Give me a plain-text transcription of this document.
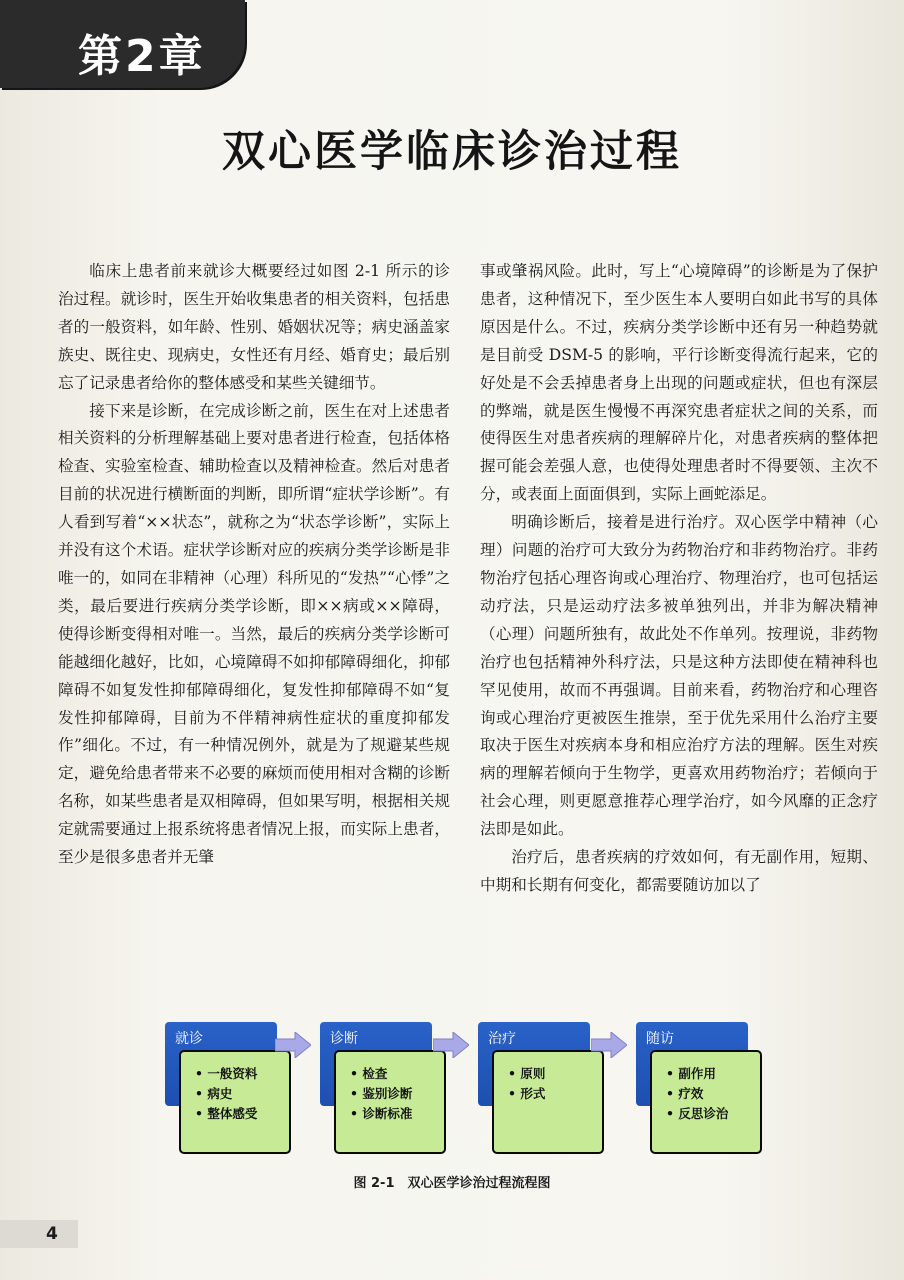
第2章
双心医学临床诊治过程

临床上患者前来就诊大概要经过如图 2-1 所示的诊治过程。就诊时，医生开始收集患者的相关资料，包括患者的一般资料，如年龄、性别、婚姻状况等；病史涵盖家族史、既往史、现病史，女性还有月经、婚育史；最后别忘了记录患者给你的整体感受和某些关键细节。

接下来是诊断，在完成诊断之前，医生在对上述患者相关资料的分析理解基础上要对患者进行检查，包括体格检查、实验室检查、辅助检查以及精神检查。然后对患者目前的状况进行横断面的判断，即所谓“症状学诊断”。有人看到写着“××状态”，就称之为“状态学诊断”，实际上并没有这个术语。症状学诊断对应的疾病分类学诊断是非唯一的，如同在非精神（心理）科所见的“发热”“心悸”之类，最后要进行疾病分类学诊断，即××病或××障碍，使得诊断变得相对唯一。当然，最后的疾病分类学诊断可能越细化越好，比如，心境障碍不如抑郁障碍细化，抑郁障碍不如复发性抑郁障碍细化，复发性抑郁障碍不如“复发性抑郁障碍，目前为不伴精神病性症状的重度抑郁发作”细化。不过，有一种情况例外，就是为了规避某些规定，避免给患者带来不必要的麻烦而使用相对含糊的诊断名称，如某些患者是双相障碍，但如果写明，根据相关规定就需要通过上报系统将患者情况上报，而实际上患者，至少是很多患者并无肇

事或肇祸风险。此时，写上“心境障碍”的诊断是为了保护患者，这种情况下，至少医生本人要明白如此书写的具体原因是什么。不过，疾病分类学诊断中还有另一种趋势就是目前受 DSM-5 的影响，平行诊断变得流行起来，它的好处是不会丢掉患者身上出现的问题或症状，但也有深层的弊端，就是医生慢慢不再深究患者症状之间的关系，而使得医生对患者疾病的理解碎片化，对患者疾病的整体把握可能会差强人意，也使得处理患者时不得要领、主次不分，或表面上面面俱到，实际上画蛇添足。

明确诊断后，接着是进行治疗。双心医学中精神（心理）问题的治疗可大致分为药物治疗和非药物治疗。非药物治疗包括心理咨询或心理治疗、物理治疗，也可包括运动疗法，只是运动疗法多被单独列出，并非为解决精神（心理）问题所独有，故此处不作单列。按理说，非药物治疗也包括精神外科疗法，只是这种方法即使在精神科也罕见使用，故而不再强调。目前来看，药物治疗和心理咨询或心理治疗更被医生推崇，至于优先采用什么治疗主要取决于医生对疾病本身和相应治疗方法的理解。医生对疾病的理解若倾向于生物学，更喜欢用药物治疗；若倾向于社会心理，则更愿意推荐心理学治疗，如今风靡的正念疗法即是如此。

治疗后，患者疾病的疗效如何，有无副作用，短期、中期和长期有何变化，都需要随访加以了

就诊
• 一般资料
• 病史
• 整体感受
诊断
• 检查
• 鉴别诊断
• 诊断标准
治疗
• 原则
• 形式
随访
• 副作用
• 疗效
• 反思诊治
图 2-1　双心医学诊治过程流程图
4
